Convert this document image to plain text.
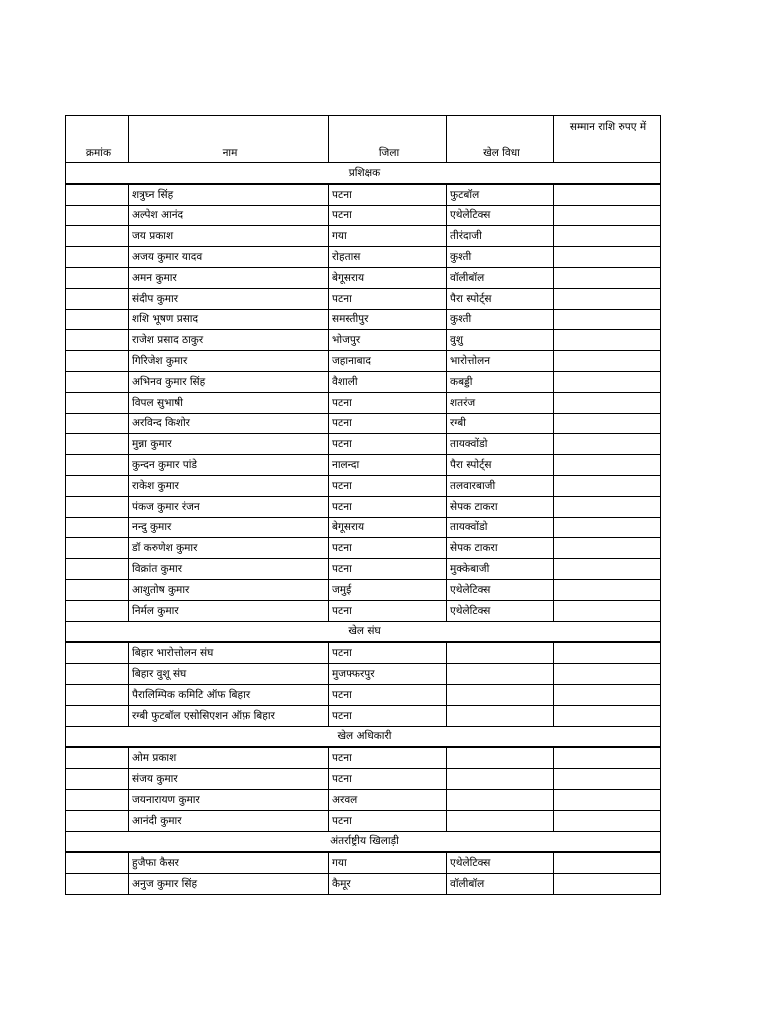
क्रमांक	नाम	जिला	खेल विधा	सम्मान राशि रुपए में
प्रशिक्षक				
	शत्रुघ्न सिंह	पटना	फुटबॉल	
	अल्पेश आनंद	पटना	एथेलेटिक्स	
	जय प्रकाश	गया	तीरंदाजी	
	अजय कुमार यादव	रोहतास	कुश्ती	
	अमन कुमार	बेगूसराय	वॉलीबॉल	
	संदीप कुमार	पटना	पैरा स्पोर्ट्स	
	शशि भूषण प्रसाद	समस्तीपुर	कुश्ती	
	राजेश प्रसाद ठाकुर	भोजपुर	वुशु	
	गिरिजेश कुमार	जहानाबाद	भारोत्तोलन	
	अभिनव कुमार सिंह	वैशाली	कबड्डी	
	विपल सुभाषी	पटना	शतरंज	
	अरविन्द किशोर	पटना	रग्बी	
	मुन्ना कुमार	पटना	तायक्वोंडो	
	कुन्दन कुमार पांडे	नालन्दा	पैरा स्पोर्ट्स	
	राकेश कुमार	पटना	तलवारबाजी	
	पंकज कुमार रंजन	पटना	सेपक टाकरा	
	नन्दु कुमार	बेगूसराय	तायक्वोंडो	
	डॉ करुणेश कुमार	पटना	सेपक टाकरा	
	विक्रांत कुमार	पटना	मुक्केबाजी	
	आशुतोष कुमार	जमुई	एथेलेटिक्स	
	निर्मल कुमार	पटना	एथेलेटिक्स	
खेल संघ				
	बिहार भारोत्तोलन संघ	पटना		
	बिहार वुशू संघ	मुजफ्फरपुर		
	पैरालिम्पिक कमिटि ऑफ बिहार	पटना		
	रग्बी फुटबॉल एसोसिएशन ऑफ़ बिहार	पटना		
खेल अधिकारी				
	ओम प्रकाश	पटना		
	संजय कुमार	पटना		
	जयनारायण कुमार	अरवल		
	आनंदी कुमार	पटना		
अंतर्राष्ट्रीय खिलाड़ी				
	हुजैफा कैसर	गया	एथेलेटिक्स	
	अनुज कुमार सिंह	कैमूर	वॉलीबॉल	
